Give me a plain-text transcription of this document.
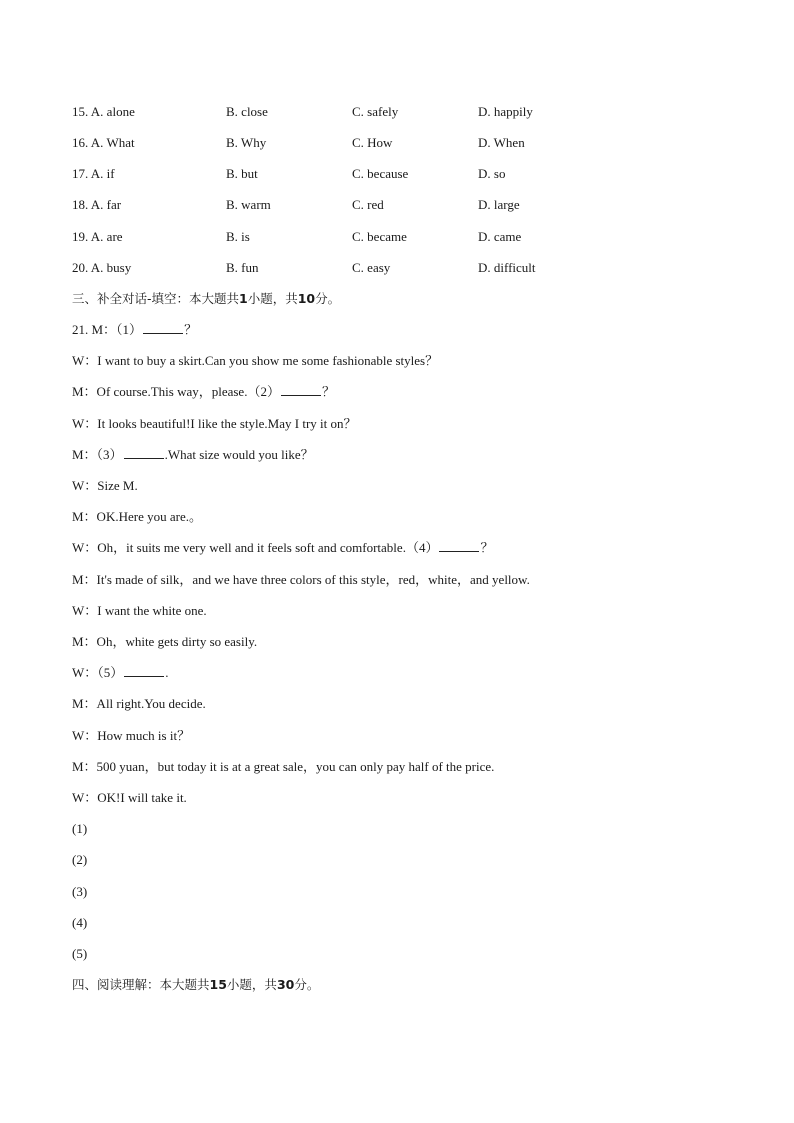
15. A. alone	B. close	C. safely	D. happily
16. A. What	B. Why	C. How	D. When
17. A. if	B. but	C. because	D. so
18. A. far	B. warm	C. red	D. large
19. A. are	B. is	C. became	D. came
20. A. busy	B. fun	C. easy	D. difficult
三、补全对话-填空：本大题共1小题，共10分。
21. M：（1）	？
W：I want to buy a skirt.Can you show me some fashionable styles？
M：Of course.This way，please.（2）	？
W：It looks beautiful!I like the style.May I try it on？
M：（3）	.What size would you like？
W：Size M.
M：OK.Here you are.。
W：Oh，it suits me very well and it feels soft and comfortable.（4）	？
M：It's made of silk，and we have three colors of this style，red，white，and yellow.
W：I want the white one.
M：Oh，white gets dirty so easily.
W：（5）	.
M：All right.You decide.
W：How much is it？
M：500 yuan，but today it is at a great sale，you can only pay half of the price.
W：OK!I will take it.
(1)
(2)
(3)
(4)
(5)
四、阅读理解：本大题共15小题，共30分。
